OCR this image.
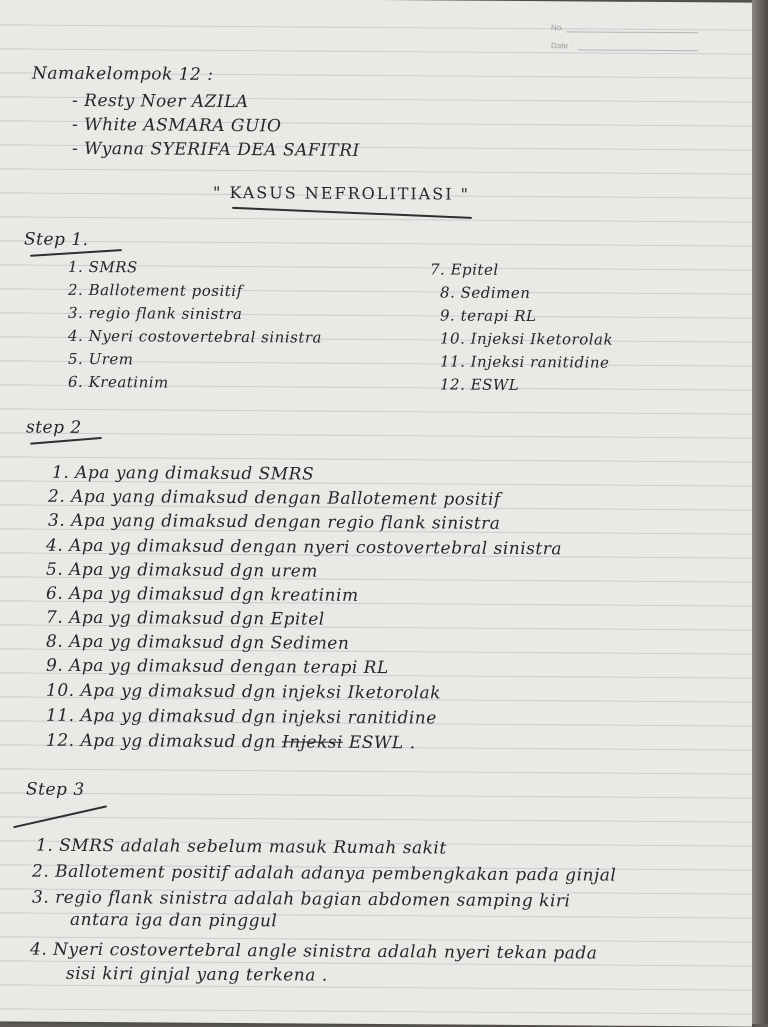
No.
Date :
Namakelompok 12 :
- Resty Noer AZILA
- White ASMARA GUIO
- Wyana SYERIFA DEA SAFITRI
" KASUS NEFROLITIASI "
Step 1.
1. SMRS
2. Ballotement positif
3. regio flank sinistra
4. Nyeri costovertebral sinistra
5. Urem
6. Kreatinim
7. Epitel
8. Sedimen
9. terapi RL
10. Injeksi Iketorolak
11. Injeksi ranitidine
12. ESWL
step 2
1. Apa yang dimaksud SMRS
2. Apa yang dimaksud dengan Ballotement positif
3. Apa yang dimaksud dengan regio flank sinistra
4. Apa yg dimaksud dengan nyeri costovertebral sinistra
5. Apa yg dimaksud dgn urem
6. Apa yg dimaksud dgn kreatinim
7. Apa yg dimaksud dgn Epitel
8. Apa yg dimaksud dgn Sedimen
9. Apa yg dimaksud dengan terapi RL
10. Apa yg dimaksud dgn injeksi Iketorolak
11. Apa yg dimaksud dgn injeksi ranitidine
12. Apa yg dimaksud dgn Injeksi ESWL .
Step 3
1. SMRS adalah sebelum masuk Rumah sakit
2. Ballotement positif adalah adanya pembengkakan pada ginjal
3. regio flank sinistra adalah bagian abdomen samping kiri
antara iga dan pinggul
4. Nyeri costovertebral angle sinistra adalah nyeri tekan pada
sisi kiri ginjal yang terkena .
